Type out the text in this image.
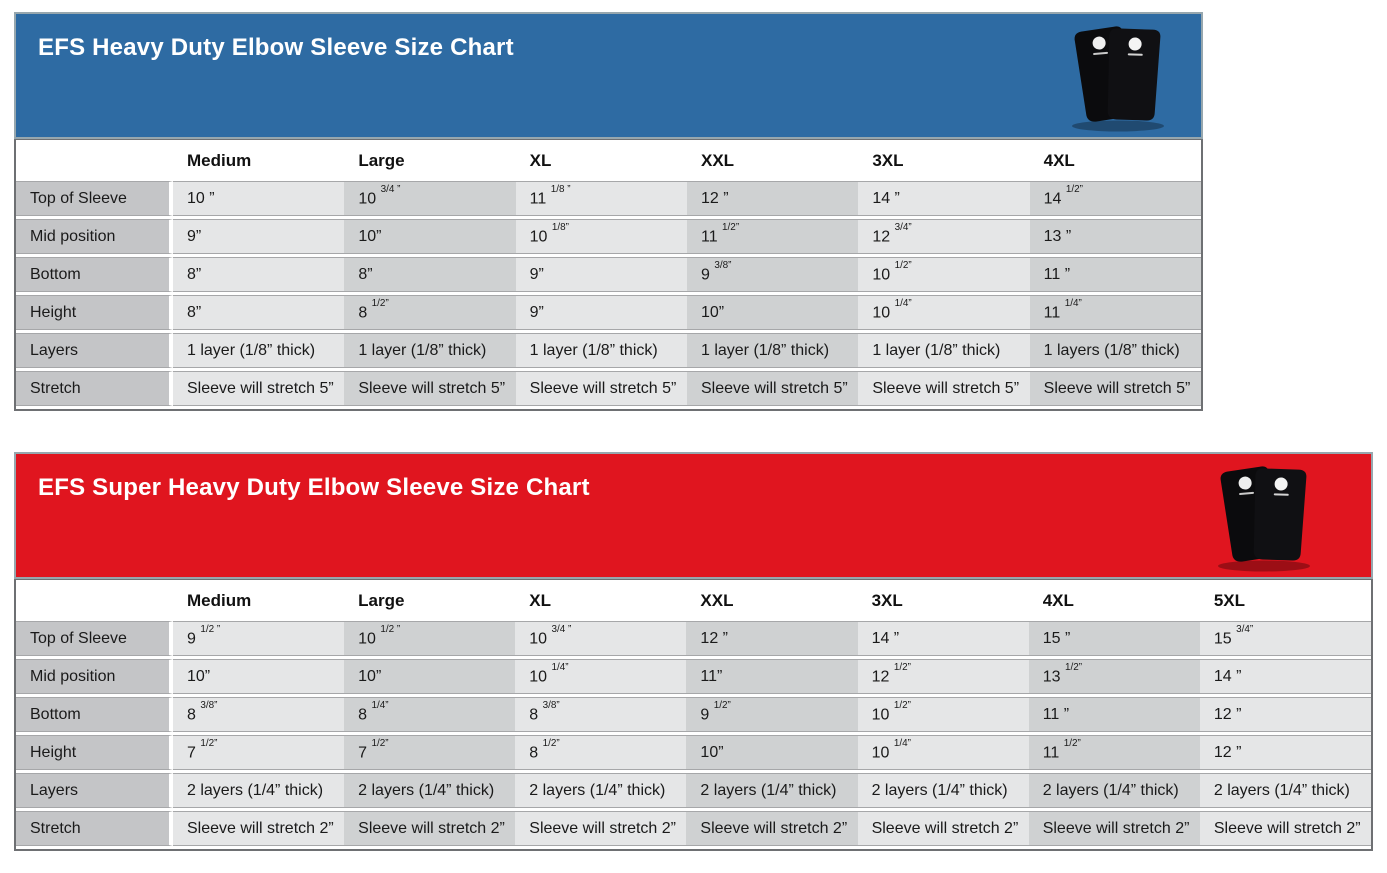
EFS Heavy Duty Elbow Sleeve Size Chart
	Medium	Large	XL	XXL	3XL	4XL
Top of Sleeve	10 ”	10 $^{3/4 ”}$	11 $^{1/8 ”}$	12 ”	14 ”	14 $^{1/2”}$
Mid position	9”	10”	10 $^{1/8”}$	11 $^{1/2”}$	12 $^{3/4”}$	13 ”
Bottom	8”	8”	9”	9 $^{3/8”}$	10 $^{1/2”}$	11 ”
Height	8”	8 $^{1/2”}$	9”	10”	10 $^{1/4”}$	11 $^{1/4”}$
Layers	1 layer (1/8” thick)	1 layer (1/8” thick)	1 layer (1/8” thick)	1 layer (1/8” thick)	1 layer (1/8” thick)	1 layers (1/8” thick)
Stretch	Sleeve will stretch 5”	Sleeve will stretch 5”	Sleeve will stretch 5”	Sleeve will stretch 5”	Sleeve will stretch 5”	Sleeve will stretch 5”
EFS Super Heavy Duty Elbow Sleeve Size Chart
	Medium	Large	XL	XXL	3XL	4XL	5XL
Top of Sleeve	9 $^{1/2 ”}$	10 $^{1/2 ”}$	10 $^{3/4 ”}$	12 ”	14 ”	15 ”	15 $^{3/4”}$
Mid position	10”	10”	10 $^{1/4”}$	11”	12 $^{1/2”}$	13 $^{1/2”}$	14 ”
Bottom	8 $^{3/8”}$	8 $^{1/4”}$	8 $^{3/8”}$	9 $^{1/2”}$	10 $^{1/2”}$	11 ”	12 ”
Height	7 $^{1/2”}$	7 $^{1/2”}$	8 $^{1/2”}$	10”	10 $^{1/4”}$	11 $^{1/2”}$	12 ”
Layers	2 layers (1/4” thick)	2 layers (1/4” thick)	2 layers (1/4” thick)	2 layers (1/4” thick)	2 layers (1/4” thick)	2 layers (1/4” thick)	2 layers (1/4” thick)
Stretch	Sleeve will stretch 2”	Sleeve will stretch 2”	Sleeve will stretch 2”	Sleeve will stretch 2”	Sleeve will stretch 2”	Sleeve will stretch 2”	Sleeve will stretch 2”
